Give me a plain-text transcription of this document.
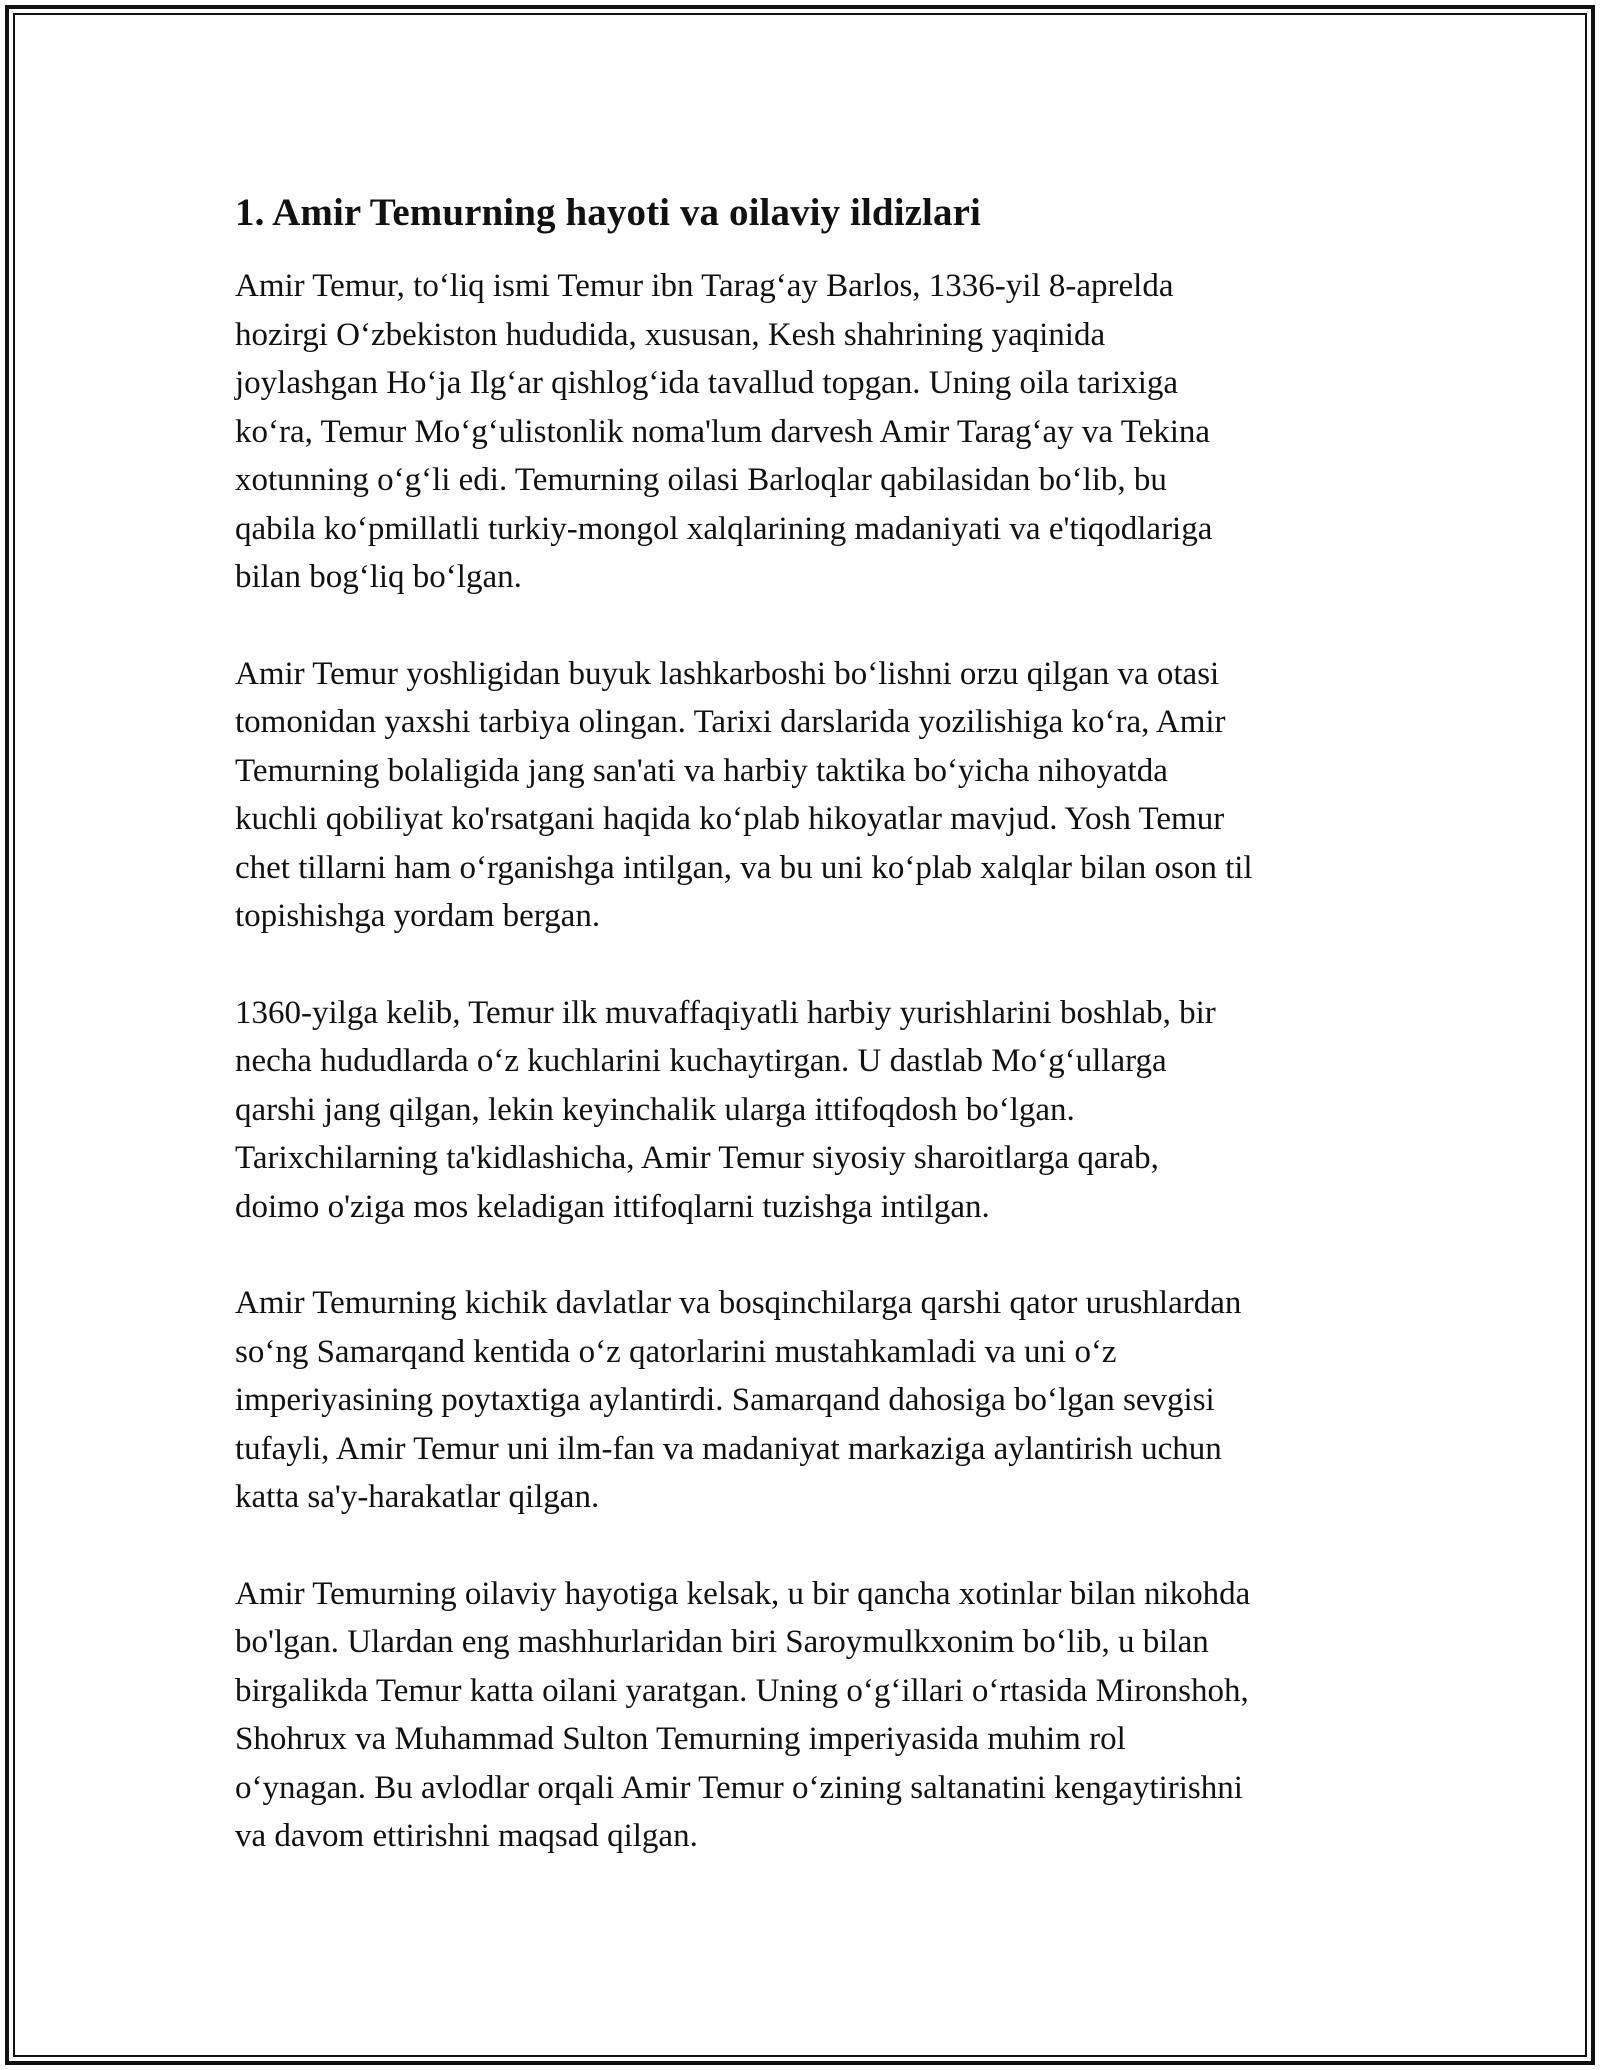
1. Amir Temurning hayoti va oilaviy ildizlari

Amir Temur, to‘liq ismi Temur ibn Tarag‘ay Barlos, 1336-yil 8-aprelda
hozirgi O‘zbekiston hududida, xususan, Kesh shahrining yaqinida
joylashgan Ho‘ja Ilg‘ar qishlog‘ida tavallud topgan. Uning oila tarixiga
ko‘ra, Temur Mo‘g‘ulistonlik noma'lum darvesh Amir Tarag‘ay va Tekina
xotunning o‘g‘li edi. Temurning oilasi Barloqlar qabilasidan bo‘lib, bu
qabila ko‘pmillatli turkiy-mongol xalqlarining madaniyati va e'tiqodlariga
bilan bog‘liq bo‘lgan.

Amir Temur yoshligidan buyuk lashkarboshi bo‘lishni orzu qilgan va otasi
tomonidan yaxshi tarbiya olingan. Tarixi darslarida yozilishiga ko‘ra, Amir
Temurning bolaligida jang san'ati va harbiy taktika bo‘yicha nihoyatda
kuchli qobiliyat ko'rsatgani haqida ko‘plab hikoyatlar mavjud. Yosh Temur
chet tillarni ham o‘rganishga intilgan, va bu uni ko‘plab xalqlar bilan oson til
topishishga yordam bergan.

1360-yilga kelib, Temur ilk muvaffaqiyatli harbiy yurishlarini boshlab, bir
necha hududlarda o‘z kuchlarini kuchaytirgan. U dastlab Mo‘g‘ullarga
qarshi jang qilgan, lekin keyinchalik ularga ittifoqdosh bo‘lgan.
Tarixchilarning ta'kidlashicha, Amir Temur siyosiy sharoitlarga qarab,
doimo o'ziga mos keladigan ittifoqlarni tuzishga intilgan.

Amir Temurning kichik davlatlar va bosqinchilarga qarshi qator urushlardan
so‘ng Samarqand kentida o‘z qatorlarini mustahkamladi va uni o‘z
imperiyasining poytaxtiga aylantirdi. Samarqand dahosiga bo‘lgan sevgisi
tufayli, Amir Temur uni ilm-fan va madaniyat markaziga aylantirish uchun
katta sa'y-harakatlar qilgan.

Amir Temurning oilaviy hayotiga kelsak, u bir qancha xotinlar bilan nikohda
bo'lgan. Ulardan eng mashhurlaridan biri Saroymulkxonim bo‘lib, u bilan
birgalikda Temur katta oilani yaratgan. Uning o‘g‘illari o‘rtasida Mironshoh,
Shohrux va Muhammad Sulton Temurning imperiyasida muhim rol
o‘ynagan. Bu avlodlar orqali Amir Temur o‘zining saltanatini kengaytirishni
va davom ettirishni maqsad qilgan.
